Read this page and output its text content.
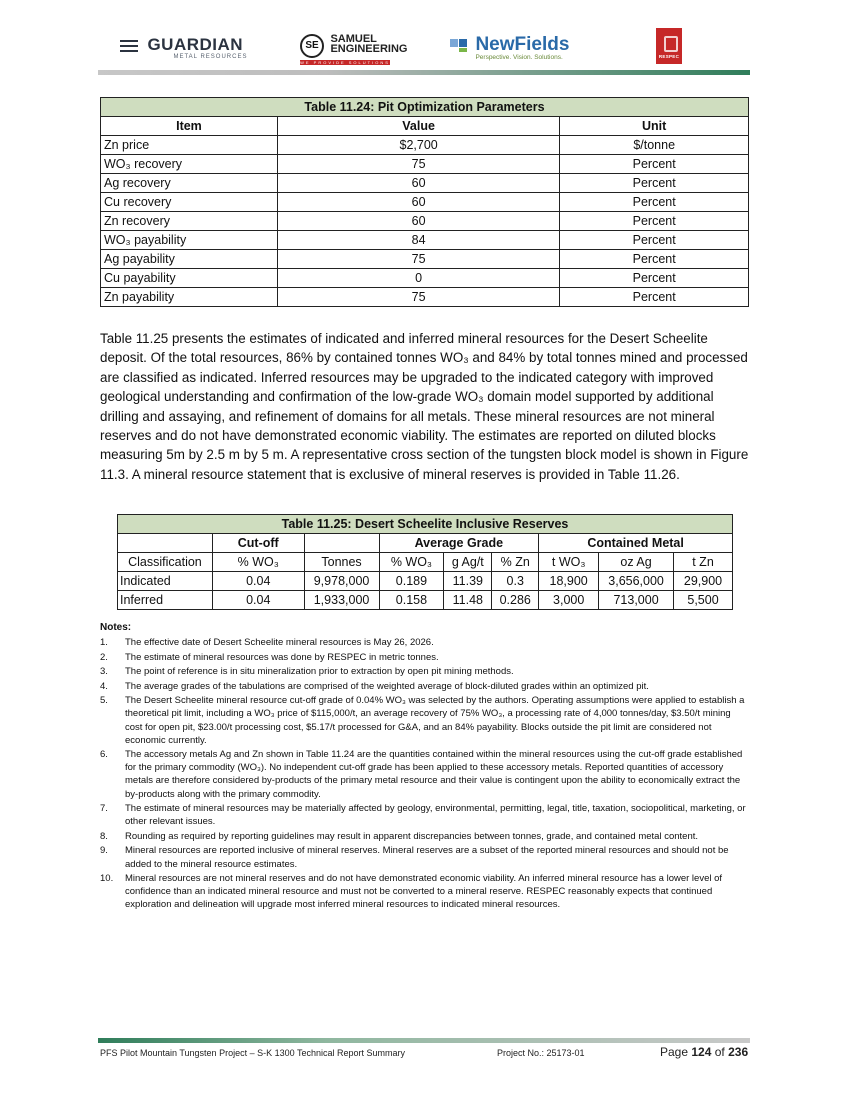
GUARDIAN
METAL RESOURCES
SE
SAMUEL
ENGINEERING
WE PROVIDE SOLUTIONS

NewFields
Perspective. Vision. Solutions.	RESPEC
Table 11.24: Pit Optimization Parameters		
Item	Value	Unit
Zn price	$2,700	$/tonne
WO₃ recovery	75	Percent
Ag recovery	60	Percent
Cu recovery	60	Percent
Zn recovery	60	Percent
WO₃ payability	84	Percent
Ag payability	75	Percent
Cu payability	0	Percent
Zn payability	75	Percent
Table 11.25 presents the estimates of indicated and inferred mineral resources for the Desert Scheelite deposit. Of the total resources, 86% by contained tonnes WO₃ and 84% by total tonnes mined and processed are classified as indicated. Inferred resources may be upgraded to the indicated category with improved geological understanding and confirmation of the low-grade WO₃ domain model supported by additional drilling and assaying, and refinement of domains for all metals. These mineral resources are not mineral reserves and do not have demonstrated economic viability. The estimates are reported on diluted blocks measuring 5m by 2.5 m by 5 m. A representative cross section of the tungsten block model is shown in Figure 11.3. A mineral resource statement that is exclusive of mineral reserves is provided in Table 11.26.
Table 11.25: Desert Scheelite Inclusive Reserves								
	Cut-off		Average Grade			Contained Metal		
Classification	% WO₃	Tonnes	% WO₃	g Ag/t	% Zn	t WO₃	oz Ag	t Zn
Indicated	0.04	9,978,000	0.189	11.39	0.3	18,900	3,656,000	29,900
Inferred	0.04	1,933,000	0.158	11.48	0.286	3,000	713,000	5,500
Notes:
1.	The effective date of Desert Scheelite mineral resources is May 26, 2026.
2.	The estimate of mineral resources was done by RESPEC in metric tonnes.
3.	The point of reference is in situ mineralization prior to extraction by open pit mining methods.
4.	The average grades of the tabulations are comprised of the weighted average of block-diluted grades within an optimized pit.
5.	The Desert Scheelite mineral resource cut-off grade of 0.04% WO₃ was selected by the authors. Operating assumptions were applied to establish a theoretical pit limit, including a WO₃ price of $115,000/t, an average recovery of 75% WO₃, a processing rate of 4,000 tonnes/day, $3.50/t mining cost for open pit, $23.00/t processing cost, $5.17/t processed for G&A, and an 84% payability. Blocks outside the pit limit are considered not economic currently.
6.	The accessory metals Ag and Zn shown in Table 11.24 are the quantities contained within the mineral resources using the cut-off grade established for the primary commodity (WO₃). No independent cut-off grade has been applied to these accessory metals. Reported quantities of accessory metals are therefore considered by-products of the primary metal resource and their value is contingent upon the ability to economically extract the by-products along with the primary commodity.
7.	The estimate of mineral resources may be materially affected by geology, environmental, permitting, legal, title, taxation, sociopolitical, marketing, or other relevant issues.
8.	Rounding as required by reporting guidelines may result in apparent discrepancies between tonnes, grade, and contained metal content.
9.	Mineral resources are reported inclusive of mineral reserves. Mineral reserves are a subset of the reported mineral resources and should not be added to the mineral resource estimates.
10.	Mineral resources are not mineral reserves and do not have demonstrated economic viability. An inferred mineral resource has a lower level of confidence than an indicated mineral resource and must not be converted to a mineral reserve. RESPEC reasonably expects that continued exploration and delineation will upgrade most inferred mineral resources to indicated mineral resources.
PFS Pilot Mountain Tungsten Project – S-K 1300 Technical Report Summary	Project No.: 25173-01	Page 124 of 236
